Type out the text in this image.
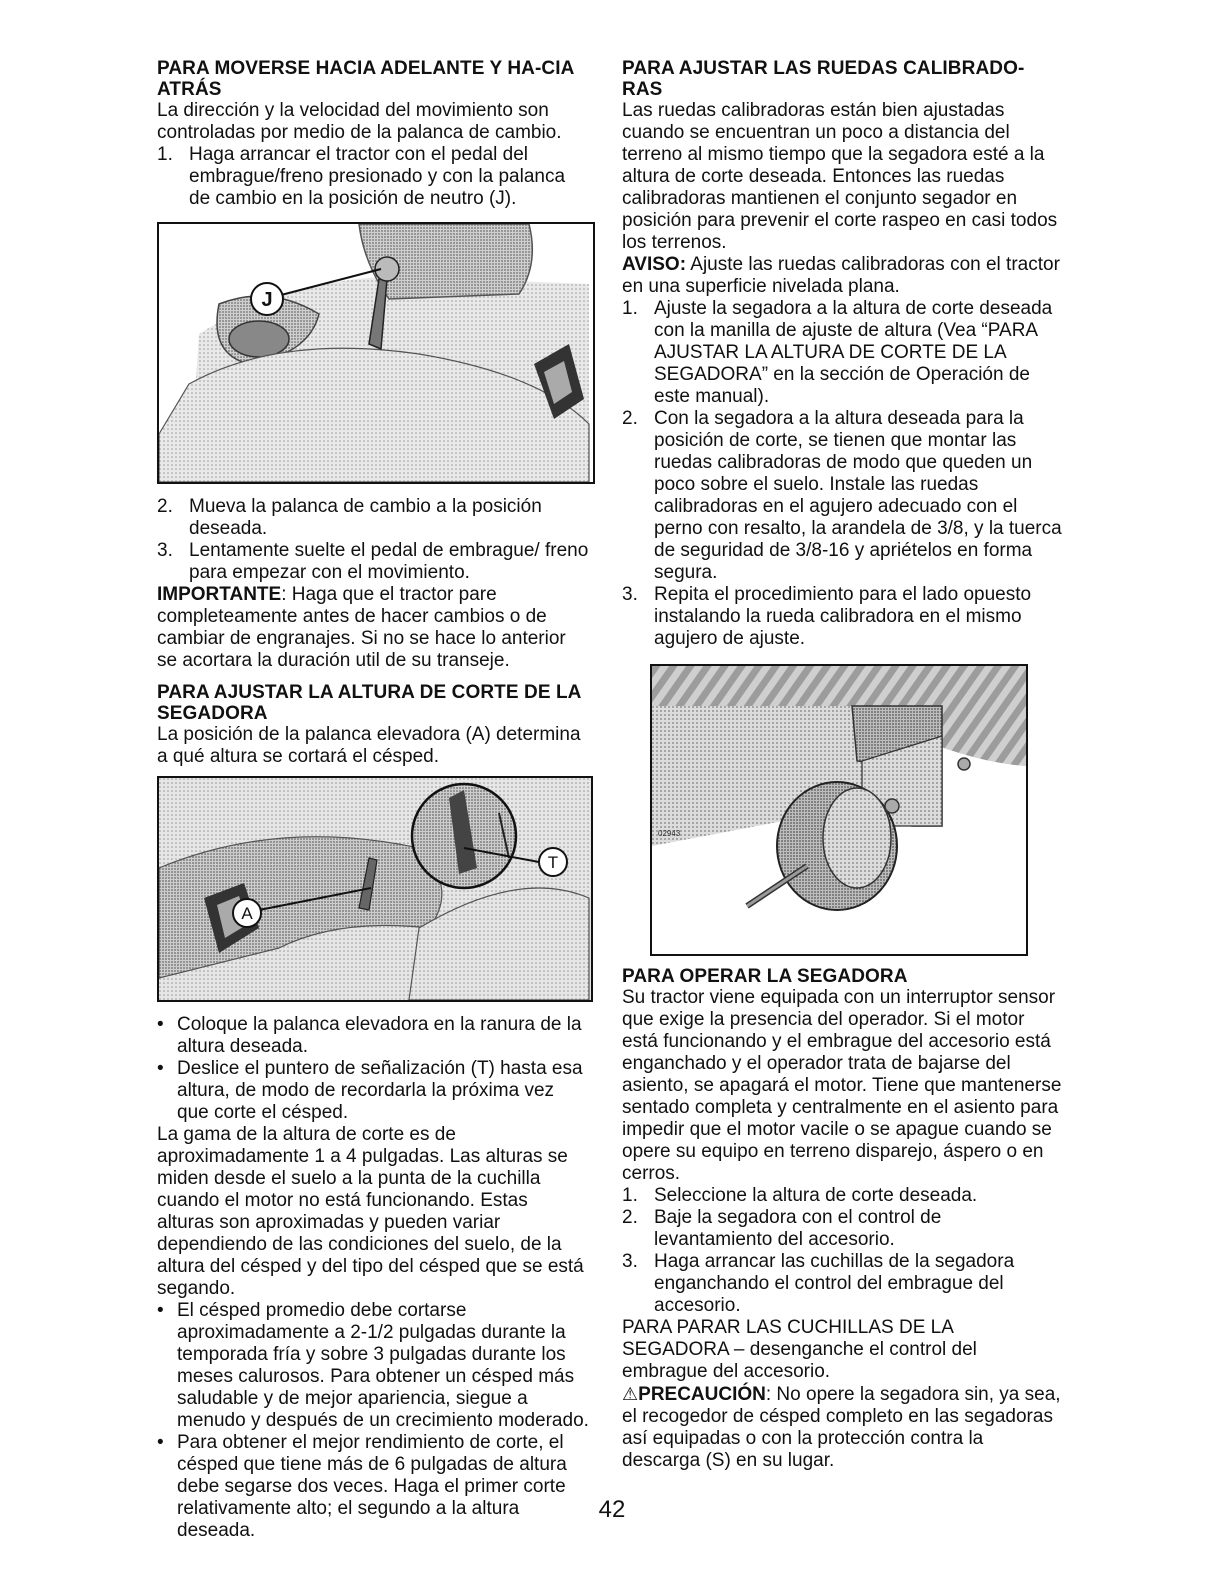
PARA MOVERSE HACIA ADELANTE Y HA-CIA ATRÁS

La dirección y la velocidad del movimiento son controladas por medio de la palanca de cambio.

1. Haga arrancar el tractor con el pedal del embrague/freno presionado y con la palanca de cambio en la posición de neutro (J).

J

2. Mueva la palanca de cambio a la posición deseada.

3. Lentamente suelte el pedal de embrague/ freno para empezar con el movimiento.

IMPORTANTE: Haga que el tractor pare completeamente antes de hacer cambios o de cambiar de engranajes. Si no se hace lo anterior se acortara la duración util de su transeje.

PARA AJUSTAR LA ALTURA DE CORTE DE LA SEGADORA

La posición de la palanca elevadora (A) determina a qué altura se cortará el césped.

A
T

• Coloque la palanca elevadora en la ranura de la altura deseada.

• Deslice el puntero de señalización (T) hasta esa altura, de modo de recordarla la próxima vez que corte el césped.

La gama de la altura de corte es de aproximadamente 1 a 4 pulgadas. Las alturas se miden desde el suelo a la punta de la cuchilla cuando el motor no está funcionando. Estas alturas son aproximadas y pueden variar dependiendo de las condiciones del suelo, de la altura del césped y del tipo del césped que se está segando.

• El césped promedio debe cortarse aproximadamente a 2-1/2 pulgadas durante la temporada fría y sobre 3 pulgadas durante los meses calurosos. Para obtener un césped más saludable y de mejor apariencia, siegue a menudo y después de un crecimiento moderado.

• Para obtener el mejor rendimiento de corte, el césped que tiene más de 6 pulgadas de altura debe segarse dos veces. Haga el primer corte relativamente alto; el segundo a la altura deseada.

PARA AJUSTAR LAS RUEDAS CALIBRADO-RAS

Las ruedas calibradoras están bien ajustadas cuando se encuentran un poco a distancia del terreno al mismo tiempo que la segadora esté a la altura de corte deseada. Entonces las ruedas calibradoras mantienen el conjunto segador en posición para prevenir el corte raspeo en casi todos los terrenos.

AVISO: Ajuste las ruedas calibradoras con el tractor en una superficie nivelada plana.

1. Ajuste la segadora a la altura de corte deseada con la manilla de ajuste de altura (Vea “PARA AJUSTAR LA ALTURA DE CORTE DE LA SEGADORA” en la sección de Operación de este manual).

2. Con la segadora a la altura deseada para la posición de corte, se tienen que montar las ruedas calibradoras de modo que queden un poco sobre el suelo. Instale las ruedas calibradoras en el agujero adecuado con el perno con resalto, la arandela de 3/8, y la tuerca de seguridad de 3/8-16 y apriételos en forma segura.

3. Repita el procedimiento para el lado opuesto instalando la rueda calibradora en el mismo agujero de ajuste.

02943
PARA OPERAR LA SEGADORA

Su tractor viene equipada con un interruptor sensor que exige la presencia del operador. Si el motor está funcionando y el embrague del accesorio está enganchado y el operador trata de bajarse del asiento, se apagará el motor. Tiene que mantenerse sentado completa y centralmente en el asiento para impedir que el motor vacile o se apague cuando se opere su equipo en terreno disparejo, áspero o en cerros.

1. Seleccione la altura de corte deseada.

2. Baje la segadora con el control de levantamiento del accesorio.

3. Haga arrancar las cuchillas de la segadora enganchando el control del embrague del accesorio.

PARA PARAR LAS CUCHILLAS DE LA SEGADORA – desenganche el control del embrague del accesorio.

⚠PRECAUCIÓN: No opere la segadora sin, ya sea, el recogedor de césped completo en las segadoras así equipadas o con la protección contra la descarga (S) en su lugar.

42
